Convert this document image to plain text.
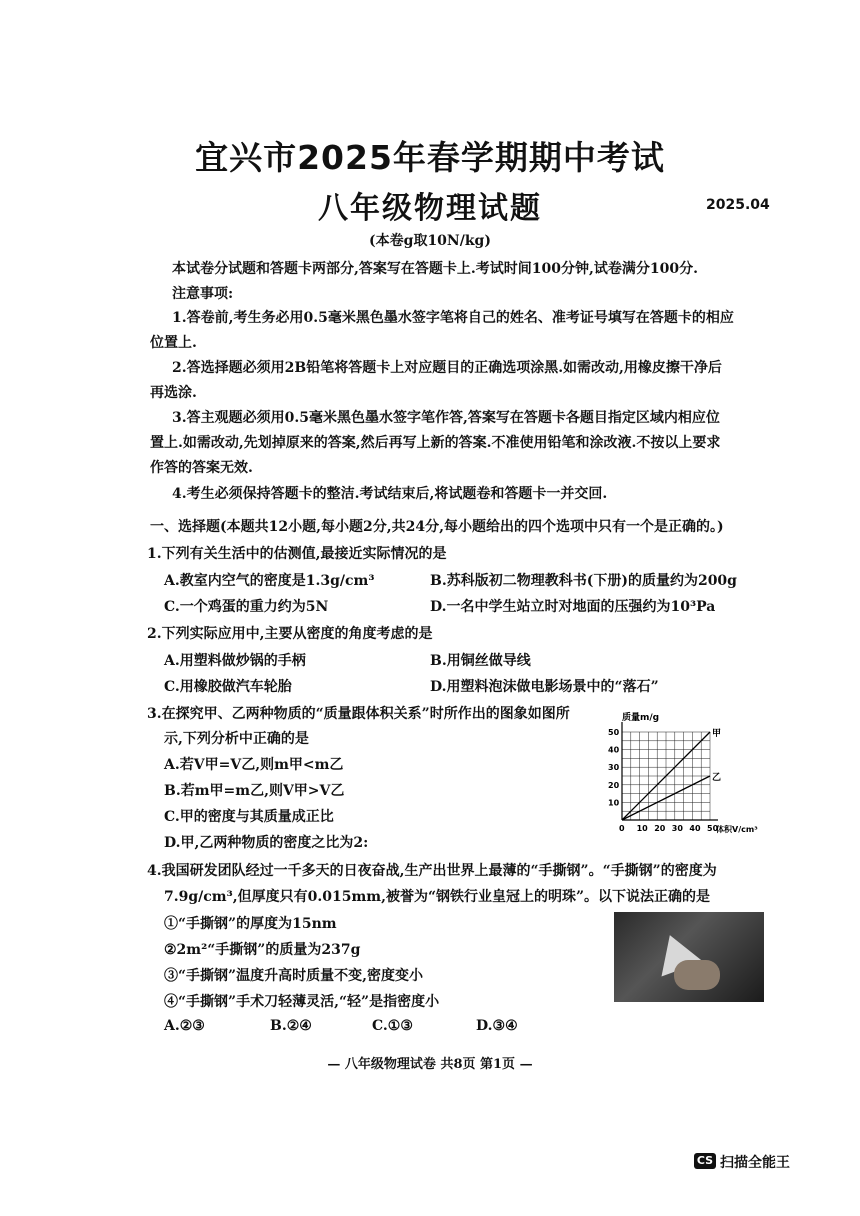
宜兴市2025年春学期期中考试
八年级物理试题	2025.04
(本卷g取10N/kg)
本试卷分试题和答题卡两部分,答案写在答题卡上.考试时间100分钟,试卷满分100分.
注意事项:
1.答卷前,考生务必用0.5毫米黑色墨水签字笔将自己的姓名、准考证号填写在答题卡的相应
位置上.
2.答选择题必须用2B铅笔将答题卡上对应题目的正确选项涂黑.如需改动,用橡皮擦干净后
再选涂.
3.答主观题必须用0.5毫米黑色墨水签字笔作答,答案写在答题卡各题目指定区域内相应位
置上.如需改动,先划掉原来的答案,然后再写上新的答案.不准使用铅笔和涂改液.不按以上要求
作答的答案无效.
4.考生必须保持答题卡的整洁.考试结束后,将试题卷和答题卡一并交回.
一、选择题(本题共12小题,每小题2分,共24分,每小题给出的四个选项中只有一个是正确的。)
1.下列有关生活中的估测值,最接近实际情况的是
A.教室内空气的密度是1.3g/cm³	B.苏科版初二物理教科书(下册)的质量约为200g
C.一个鸡蛋的重力约为5N	D.一名中学生站立时对地面的压强约为10³Pa
2.下列实际应用中,主要从密度的角度考虑的是
A.用塑料做炒锅的手柄	B.用铜丝做导线
C.用橡胶做汽车轮胎	D.用塑料泡沫做电影场景中的“落石”
3.在探究甲、乙两种物质的“质量跟体积关系”时所作出的图象如图所
示,下列分析中正确的是
A.若V甲=V乙,则m甲<m乙
B.若m甲=m乙,则V甲>V乙
C.甲的密度与其质量成正比
D.甲,乙两种物质的密度之比为2:
甲
乙
质量m/g
体积V/cm³
0 10 20 30 40 50
10
20
30
40
50
4.我国研发团队经过一千多天的日夜奋战,生产出世界上最薄的“手撕钢”。“手撕钢”的密度为
7.9g/cm³,但厚度只有0.015mm,被誉为“钢铁行业皇冠上的明珠”。以下说法正确的是
①“手撕钢”的厚度为15nm
②2m²“手撕钢”的质量为237g
③“手撕钢”温度升高时质量不变,密度变小
④“手撕钢”手术刀轻薄灵活,“轻”是指密度小
A.②③	B.②④	C.①③	D.③④
— 八年级物理试卷 共8页 第1页 —
CS 扫描全能王
